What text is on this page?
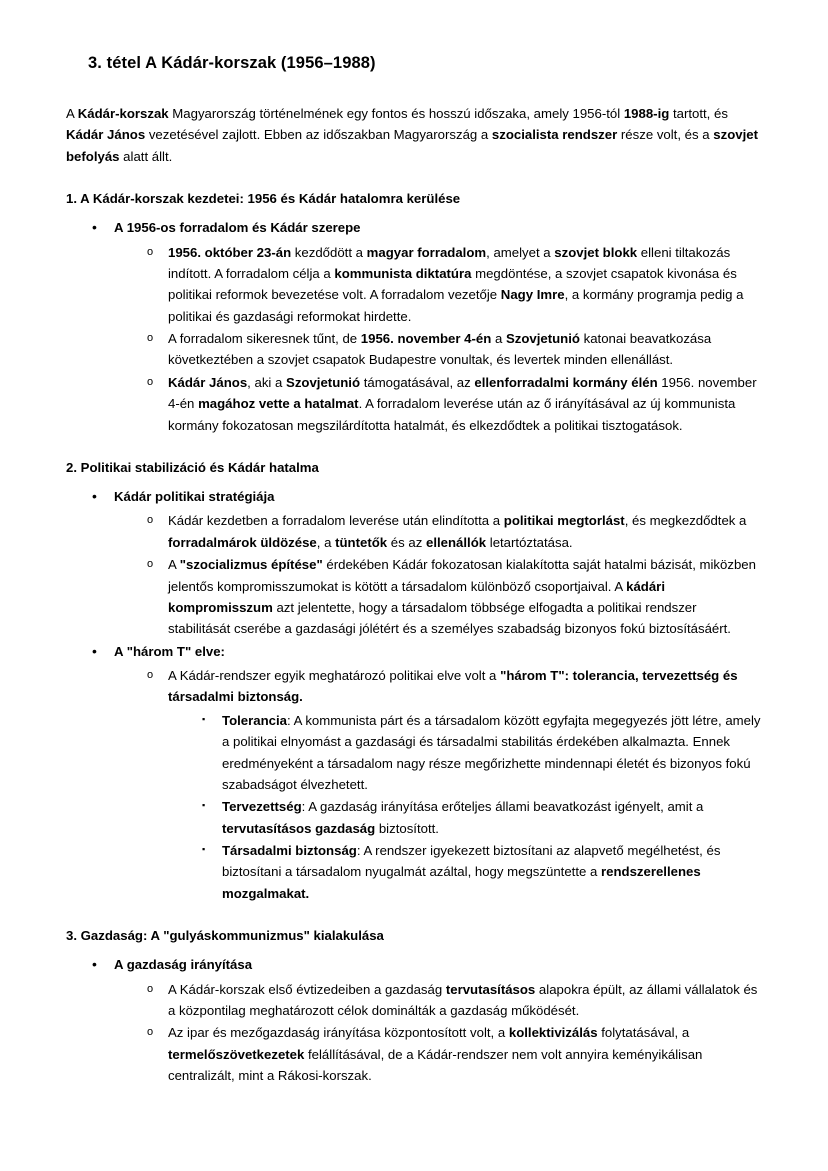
3. tétel A Kádár-korszak (1956–1988)

A Kádár-korszak Magyarország történelmének egy fontos és hosszú időszaka, amely 1956-tól 1988-ig tartott, és Kádár János vezetésével zajlott. Ebben az időszakban Magyarország a szocialista rendszer része volt, és a szovjet befolyás alatt állt.

1. A Kádár-korszak kezdetei: 1956 és Kádár hatalomra kerülése
• A 1956-os forradalom és Kádár szerepe
o 1956. október 23-án kezdődött a magyar forradalom, amelyet a szovjet blokk elleni tiltakozás indított. A forradalom célja a kommunista diktatúra megdöntése, a szovjet csapatok kivonása és politikai reformok bevezetése volt. A forradalom vezetője Nagy Imre, a kormány programja pedig a politikai és gazdasági reformokat hirdette.
o A forradalom sikeresnek tűnt, de 1956. november 4-én a Szovjetunió katonai beavatkozása következtében a szovjet csapatok Budapestre vonultak, és levertek minden ellenállást.
o Kádár János, aki a Szovjetunió támogatásával, az ellenforradalmi kormány élén 1956. november 4-én magához vette a hatalmat. A forradalom leverése után az ő irányításával az új kommunista kormány fokozatosan megszilárdította hatalmát, és elkezdődtek a politikai tisztogatások.
2. Politikai stabilizáció és Kádár hatalma
• Kádár politikai stratégiája
o Kádár kezdetben a forradalom leverése után elindította a politikai megtorlást, és megkezdődtek a forradalmárok üldözése, a tüntetők és az ellenállók letartóztatása.
o A "szocializmus építése" érdekében Kádár fokozatosan kialakította saját hatalmi bázisát, miközben jelentős kompromisszumokat is kötött a társadalom különböző csoportjaival. A kádári kompromisszum azt jelentette, hogy a társadalom többsége elfogadta a politikai rendszer stabilitását cserébe a gazdasági jólétért és a személyes szabadság bizonyos fokú biztosításáért.
• A "három T" elve:
o A Kádár-rendszer egyik meghatározó politikai elve volt a "három T": tolerancia, tervezettség és társadalmi biztonság.
▪ Tolerancia: A kommunista párt és a társadalom között egyfajta megegyezés jött létre, amely a politikai elnyomást a gazdasági és társadalmi stabilitás érdekében alkalmazta. Ennek eredményeként a társadalom nagy része megőrizhette mindennapi életét és bizonyos fokú szabadságot élvezhetett.
▪ Tervezettség: A gazdaság irányítása erőteljes állami beavatkozást igényelt, amit a tervutasításos gazdaság biztosított.
▪ Társadalmi biztonság: A rendszer igyekezett biztosítani az alapvető megélhetést, és biztosítani a társadalom nyugalmát azáltal, hogy megszüntette a rendszerellenes mozgalmakat.
3. Gazdaság: A "gulyáskommunizmus" kialakulása
• A gazdaság irányítása
o A Kádár-korszak első évtizedeiben a gazdaság tervutasításos alapokra épült, az állami vállalatok és a központilag meghatározott célok dominálták a gazdaság működését.
o Az ipar és mezőgazdaság irányítása központosított volt, a kollektivizálás folytatásával, a termelőszövetkezetek felállításával, de a Kádár-rendszer nem volt annyira keményikálisan centralizált, mint a Rákosi-korszak.
